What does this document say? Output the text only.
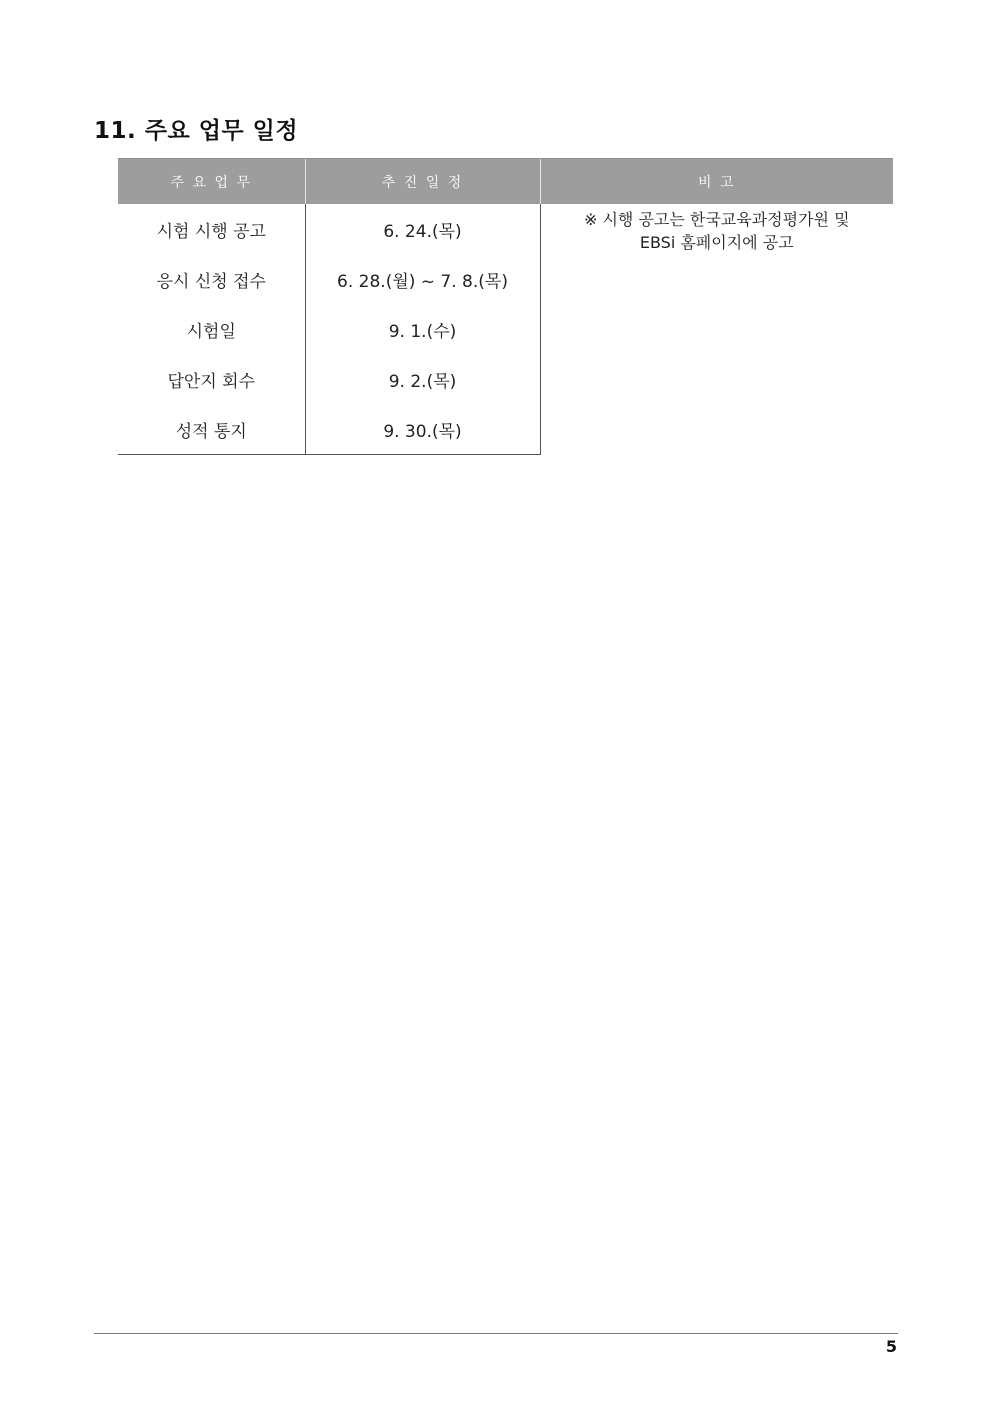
11. 주요 업무 일정
주 요 업 무	추 진 일 정	비 고
시험 시행 공고	6. 24.(목)	※ 시행 공고는 한국교육과정평가원 및
EBSi 홈페이지에 공고

응시 신청 접수	6. 28.(월) ~ 7. 8.(목)	
시험일	9. 1.(수)	
답안지 회수	9. 2.(목)	
성적 통지	9. 30.(목)	
5
